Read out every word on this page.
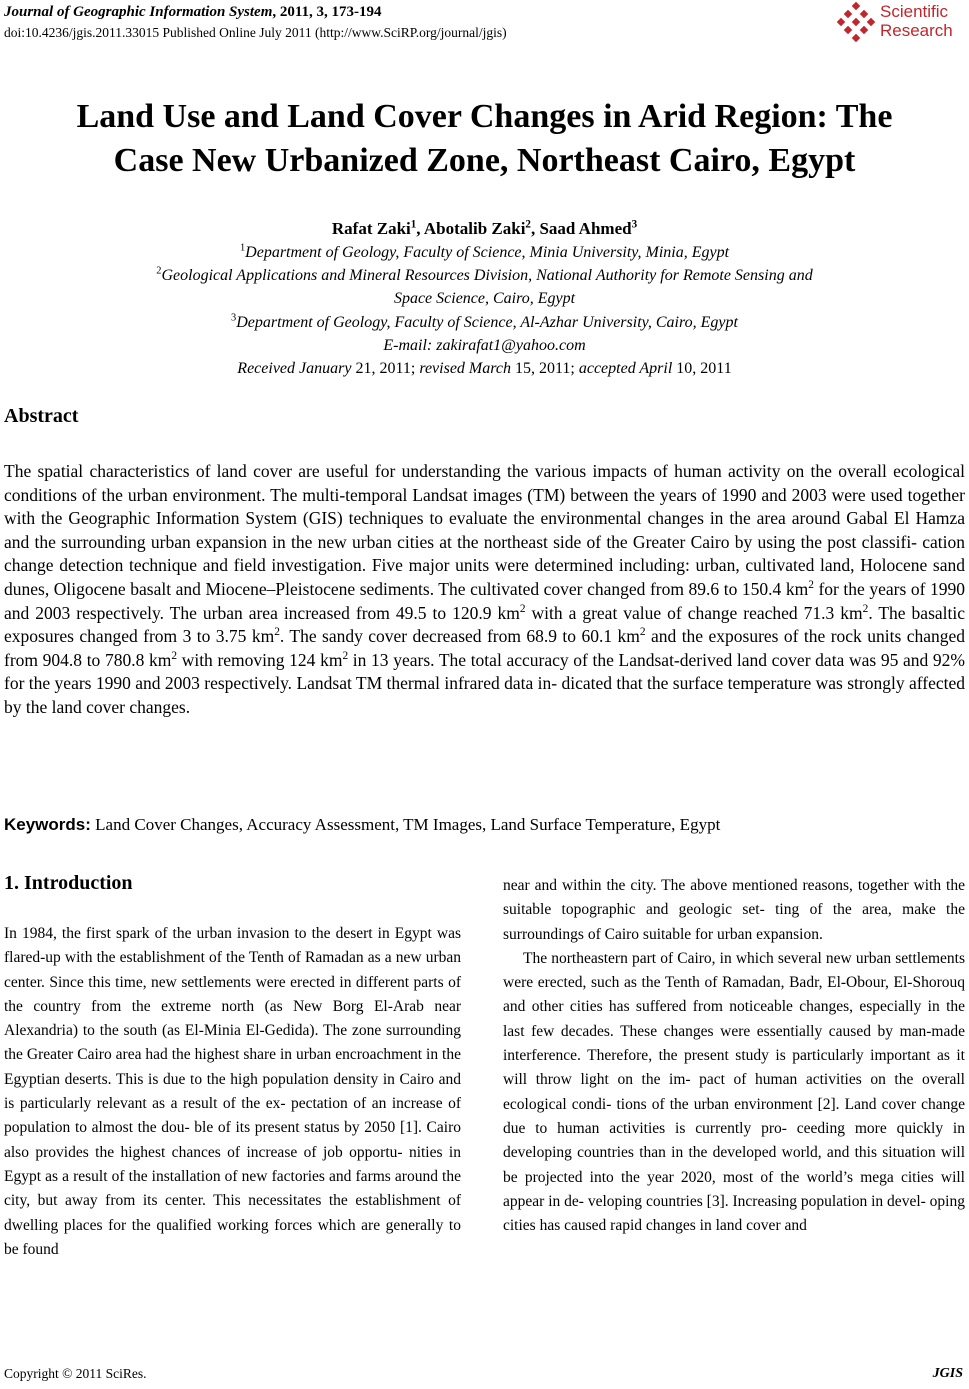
Journal of Geographic Information System, 2011, 3, 173-194
doi:10.4236/jgis.2011.33015 Published Online July 2011 (http://www.SciRP.org/journal/jgis)
Scientific
Research
Land Use and Land Cover Changes in Arid Region: The
Case New Urbanized Zone, Northeast Cairo, Egypt
Rafat Zaki$^1$, Abotalib Zaki$^2$, Saad Ahmed$^3$
$^1$Department of Geology, Faculty of Science, Minia University, Minia, Egypt
$^2$Geological Applications and Mineral Resources Division, National Authority for Remote Sensing and
Space Science, Cairo, Egypt
$^3$Department of Geology, Faculty of Science, Al-Azhar University, Cairo, Egypt
E-mail: zakirafat1@yahoo.com
Received January 21, 2011; revised March 15, 2011; accepted April 10, 2011
Abstract

The spatial characteristics of land cover are useful for understanding the various impacts of human activity on the overall ecological conditions of the urban environment. The multi-temporal Landsat images (TM) between the years of 1990 and 2003 were used together with the Geographic Information System (GIS) techniques to evaluate the environmental changes in the area around Gabal El Hamza and the surrounding urban expansion in the new urban cities at the northeast side of the Greater Cairo by using the post classifi- cation change detection technique and field investigation. Five major units were determined including: urban, cultivated land, Holocene sand dunes, Oligocene basalt and Miocene–Pleistocene sediments. The cultivated cover changed from 89.6 to 150.4 $km^2$ for the years of 1990 and 2003 respectively. The urban area increased from 49.5 to 120.9 $km^2$ with a great value of change reached 71.3 $km^2$. The basaltic exposures changed from 3 to 3.75 $km^2$. The sandy cover decreased from 68.9 to 60.1 $km^2$ and the exposures of the rock units changed from 904.8 to 780.8 $km^2$ with removing 124 $km^2$ in 13 years. The total accuracy of the Landsat-derived land cover data was 95 and 92% for the years 1990 and 2003 respectively. Landsat TM thermal infrared data in- dicated that the surface temperature was strongly affected by the land cover changes.

Keywords: Land Cover Changes, Accuracy Assessment, TM Images, Land Surface Temperature, Egypt
1. Introduction

In 1984, the first spark of the urban invasion to the desert in Egypt was flared-up with the establishment of the Tenth of Ramadan as a new urban center. Since this time, new settlements were erected in different parts of the country from the extreme north (as New Borg El-Arab near Alexandria) to the south (as El-Minia El-Gedida). The zone surrounding the Greater Cairo area had the highest share in urban encroachment in the Egyptian deserts. This is due to the high population density in Cairo and is particularly relevant as a result of the ex- pectation of an increase of population to almost the dou- ble of its present status by 2050 [1]. Cairo also provides the highest chances of increase of job opportu- nities in Egypt as a result of the installation of new factories and farms around the city, but away from its center. This necessitates the establishment of dwelling places for the qualified working forces which are generally to be found

near and within the city. The above mentioned reasons, together with the suitable topographic and geologic set- ting of the area, make the surroundings of Cairo suitable for urban expansion.

The northeastern part of Cairo, in which several new urban settlements were erected, such as the Tenth of Ramadan, Badr, El-Obour, El-Shorouq and other cities has suffered from noticeable changes, especially in the last few decades. These changes were essentially caused by man-made interference. Therefore, the present study is particularly important as it will throw light on the im- pact of human activities on the overall ecological condi- tions of the urban environment [2]. Land cover change due to human activities is currently pro- ceeding more quickly in developing countries than in the developed world, and this situation will be projected into the year 2020, most of the world’s mega cities will appear in de- veloping countries [3]. Increasing population in devel- oping cities has caused rapid changes in land cover and

Copyright © 2011 SciRes.	JGIS
